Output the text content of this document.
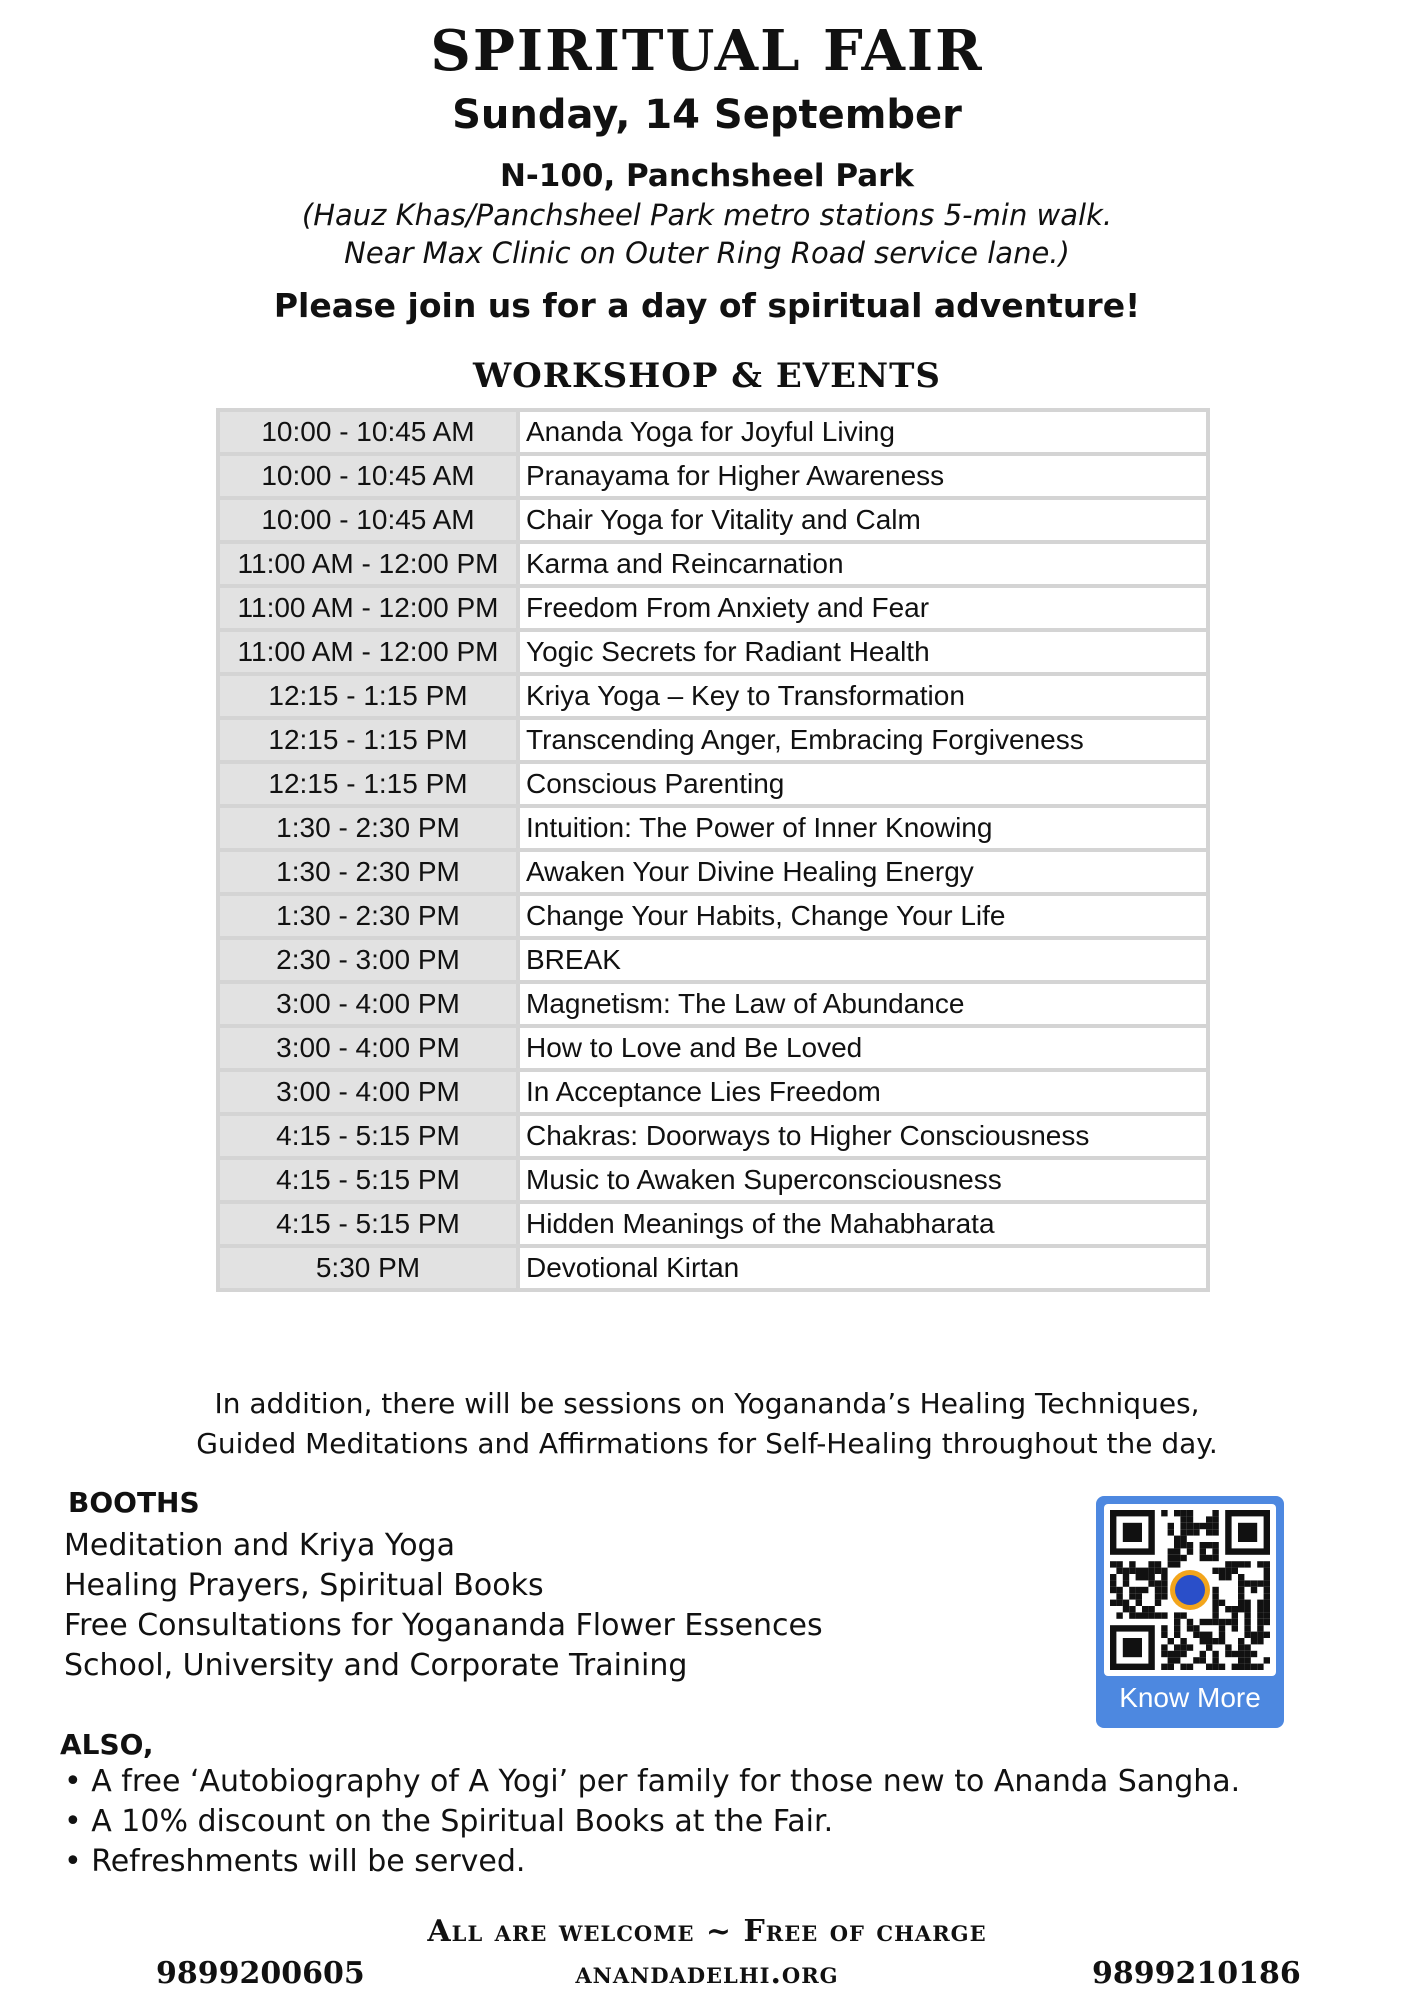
SPIRITUAL FAIR
Sunday, 14 September
N-100, Panchsheel Park
(Hauz Khas/Panchsheel Park metro stations 5-min walk.
Near Max Clinic on Outer Ring Road service lane.)
Please join us for a day of spiritual adventure!
WORKSHOP & EVENTS
10:00 - 10:45 AM	Ananda Yoga for Joyful Living
10:00 - 10:45 AM	Pranayama for Higher Awareness
10:00 - 10:45 AM	Chair Yoga for Vitality and Calm
11:00 AM - 12:00 PM	Karma and Reincarnation
11:00 AM - 12:00 PM	Freedom From Anxiety and Fear
11:00 AM - 12:00 PM	Yogic Secrets for Radiant Health
12:15 - 1:15 PM	Kriya Yoga – Key to Transformation
12:15 - 1:15 PM	Transcending Anger, Embracing Forgiveness
12:15 - 1:15 PM	Conscious Parenting
1:30 - 2:30 PM	Intuition: The Power of Inner Knowing
1:30 - 2:30 PM	Awaken Your Divine Healing Energy
1:30 - 2:30 PM	Change Your Habits, Change Your Life
2:30 - 3:00 PM	BREAK
3:00 - 4:00 PM	Magnetism: The Law of Abundance
3:00 - 4:00 PM	How to Love and Be Loved
3:00 - 4:00 PM	In Acceptance Lies Freedom
4:15 - 5:15 PM	Chakras: Doorways to Higher Consciousness
4:15 - 5:15 PM	Music to Awaken Superconsciousness
4:15 - 5:15 PM	Hidden Meanings of the Mahabharata
5:30 PM	Devotional Kirtan
In addition, there will be sessions on Yogananda’s Healing Techniques,
Guided Meditations and Affirmations for Self-Healing throughout the day.
BOOTHS
Meditation and Kriya Yoga
Healing Prayers, Spiritual Books
Free Consultations for Yogananda Flower Essences
School, University and Corporate Training
Know More
ALSO,
• A free ‘Autobiography of A Yogi’ per family for those new to Ananda Sangha.
• A 10% discount on the Spiritual Books at the Fair.
• Refreshments will be served.
All are welcome ~ Free of charge
9899200605	anandadelhi.org	9899210186
